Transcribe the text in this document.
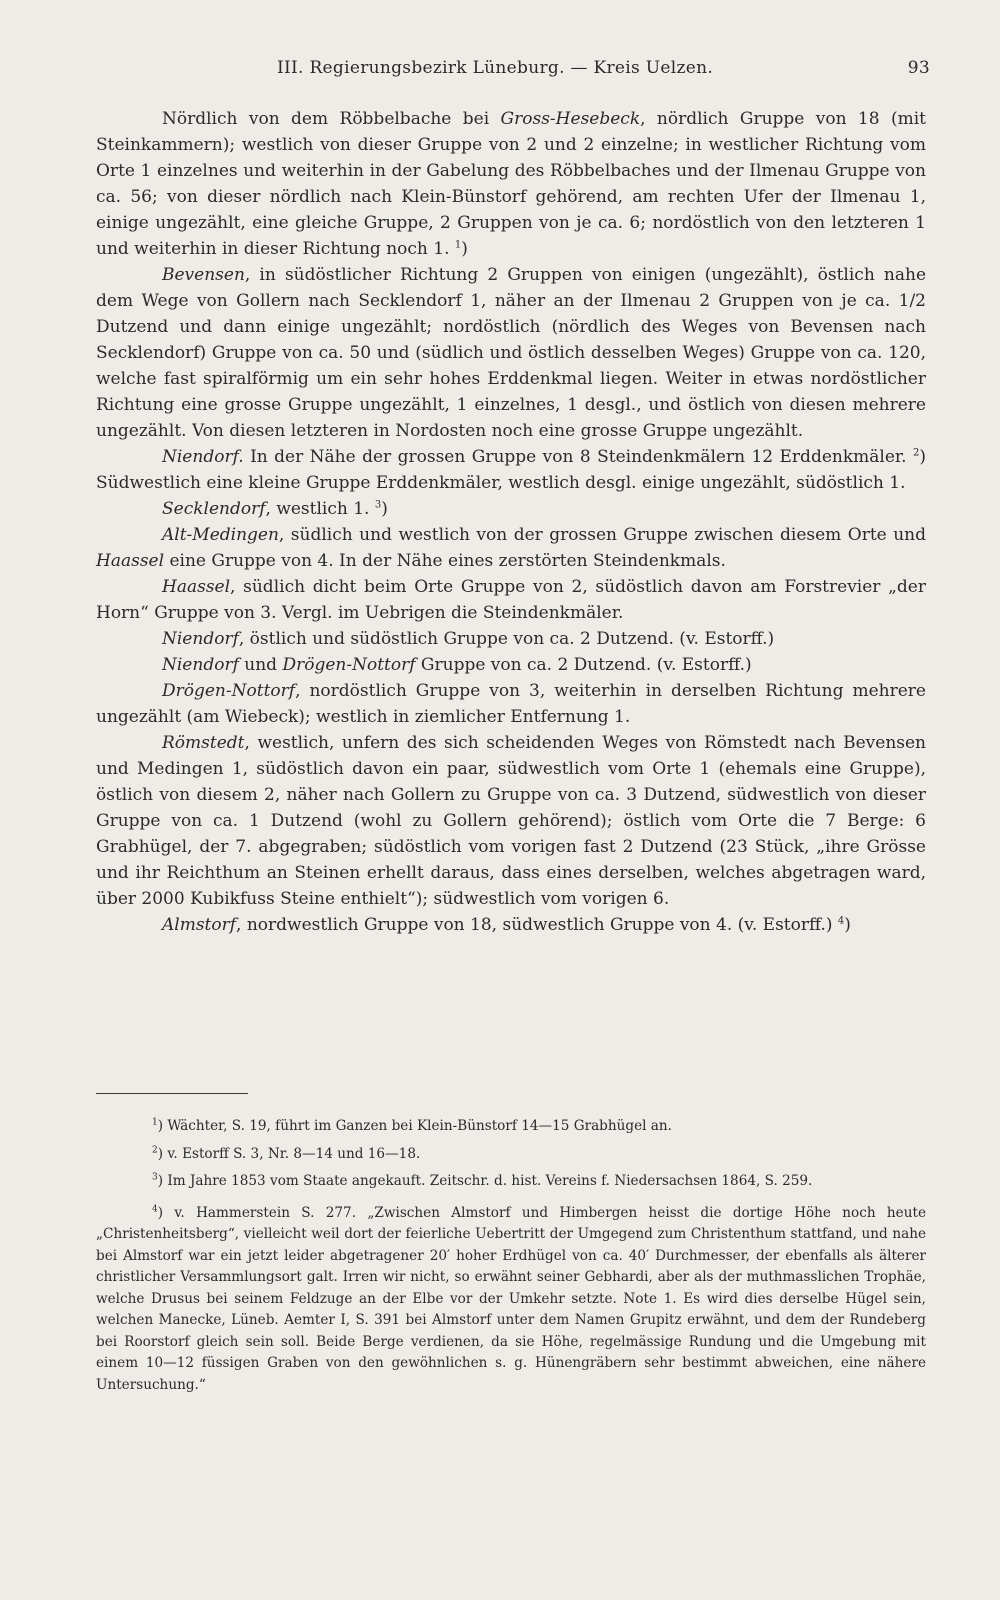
III. Regierungsbezirk Lüneburg. — Kreis Uelzen.	93

Nördlich von dem Röbbelbache bei Gross-Hesebeck, nördlich Gruppe von 18 (mit Steinkammern); westlich von dieser Gruppe von 2 und 2 einzelne; in westlicher Richtung vom Orte 1 einzelnes und weiterhin in der Gabelung des Röbbelbaches und der Ilmenau Gruppe von ca. 56; von dieser nördlich nach Klein-Bünstorf gehörend, am rechten Ufer der Ilmenau 1, einige ungezählt, eine gleiche Gruppe, 2 Gruppen von je ca. 6; nordöstlich von den letzteren 1 und weiterhin in dieser Richtung noch 1. $^1$)

Bevensen, in südöstlicher Richtung 2 Gruppen von einigen (ungezählt), östlich nahe dem Wege von Gollern nach Secklendorf 1, näher an der Ilmenau 2 Gruppen von je ca. 1/2 Dutzend und dann einige ungezählt; nordöstlich (nördlich des Weges von Bevensen nach Secklendorf) Gruppe von ca. 50 und (südlich und östlich desselben Weges) Gruppe von ca. 120, welche fast spiralförmig um ein sehr hohes Erddenkmal liegen. Weiter in etwas nordöstlicher Richtung eine grosse Gruppe ungezählt, 1 einzelnes, 1 desgl., und östlich von diesen mehrere ungezählt. Von diesen letzteren in Nordosten noch eine grosse Gruppe ungezählt.

Niendorf. In der Nähe der grossen Gruppe von 8 Steindenkmälern 12 Erddenkmäler. $^2$) Südwestlich eine kleine Gruppe Erddenkmäler, westlich desgl. einige ungezählt, südöstlich 1.

Secklendorf, westlich 1. $^3$)

Alt-Medingen, südlich und westlich von der grossen Gruppe zwischen diesem Orte und Haassel eine Gruppe von 4. In der Nähe eines zerstörten Steindenkmals.

Haassel, südlich dicht beim Orte Gruppe von 2, südöstlich davon am Forstrevier „der Horn“ Gruppe von 3. Vergl. im Uebrigen die Steindenkmäler.

Niendorf, östlich und südöstlich Gruppe von ca. 2 Dutzend. (v. Estorff.)

Niendorf und Drögen-Nottorf Gruppe von ca. 2 Dutzend. (v. Estorff.)

Drögen-Nottorf, nordöstlich Gruppe von 3, weiterhin in derselben Richtung mehrere ungezählt (am Wiebeck); westlich in ziemlicher Entfernung 1.

Römstedt, westlich, unfern des sich scheidenden Weges von Römstedt nach Bevensen und Medingen 1, südöstlich davon ein paar, südwestlich vom Orte 1 (ehemals eine Gruppe), östlich von diesem 2, näher nach Gollern zu Gruppe von ca. 3 Dutzend, südwestlich von dieser Gruppe von ca. 1 Dutzend (wohl zu Gollern gehörend); östlich vom Orte die 7 Berge: 6 Grabhügel, der 7. abgegraben; südöstlich vom vorigen fast 2 Dutzend (23 Stück, „ihre Grösse und ihr Reichthum an Steinen erhellt daraus, dass eines derselben, welches abgetragen ward, über 2000 Kubikfuss Steine enthielt“); südwestlich vom vorigen 6.

Almstorf, nordwestlich Gruppe von 18, südwestlich Gruppe von 4. (v. Estorff.) $^4$)

$^1$) Wächter, S. 19, führt im Ganzen bei Klein-Bünstorf 14—15 Grabhügel an.

$^2$) v. Estorff S. 3, Nr. 8—14 und 16—18.

$^3$) Im Jahre 1853 vom Staate angekauft. Zeitschr. d. hist. Vereins f. Niedersachsen 1864, S. 259.

$^4$) v. Hammerstein S. 277. „Zwischen Almstorf und Himbergen heisst die dortige Höhe noch heute „Christenheitsberg“, vielleicht weil dort der feierliche Uebertritt der Umgegend zum Christenthum stattfand, und nahe bei Almstorf war ein jetzt leider abgetragener 20′ hoher Erdhügel von ca. 40′ Durchmesser, der ebenfalls als älterer christlicher Versammlungsort galt. Irren wir nicht, so erwähnt seiner Gebhardi, aber als der muthmasslichen Trophäe, welche Drusus bei seinem Feldzuge an der Elbe vor der Umkehr setzte. Note 1. Es wird dies derselbe Hügel sein, welchen Manecke, Lüneb. Aemter I, S. 391 bei Almstorf unter dem Namen Grupitz erwähnt, und dem der Rundeberg bei Roorstorf gleich sein soll. Beide Berge verdienen, da sie Höhe, regelmässige Rundung und die Umgebung mit einem 10—12 füssigen Graben von den gewöhnlichen s. g. Hünengräbern sehr bestimmt abweichen, eine nähere Untersuchung.“
